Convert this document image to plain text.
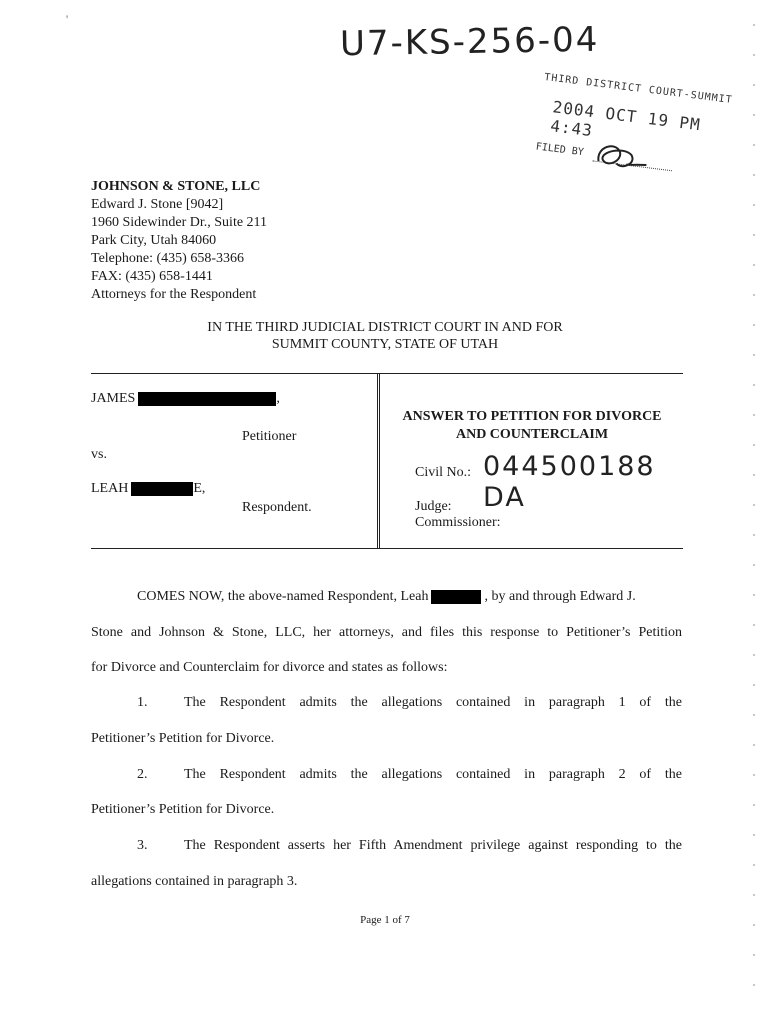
'
U7-KS-256-04
THIRD DISTRICT COURT-SUMMIT
2004 OCT 19 PM 4:43
FILED BY
JOHNSON & STONE, LLC
Edward J. Stone [9042]
1960 Sidewinder Dr., Suite 211
Park City, Utah 84060
Telephone: (435) 658-3366
FAX: (435) 658-1441
Attorneys for the Respondent
IN THE THIRD JUDICIAL DISTRICT COURT IN AND FOR
SUMMIT COUNTY, STATE OF UTAH
JAMES	,
Petitioner
vs.
LEAH	E,
Respondent.
ANSWER TO PETITION FOR DIVORCE
AND COUNTERCLAIM
Civil No.: 044500188 DA
Judge:
Commissioner:
COMES NOW, the above-named Respondent, Leah	, by and through Edward J.
Stone and Johnson & Stone, LLC, her attorneys, and files this response to Petitioner’s Petition
for Divorce and Counterclaim for divorce and states as follows:
1.	The Respondent admits the allegations contained in paragraph 1 of the
Petitioner’s Petition for Divorce.
2.	The Respondent admits the allegations contained in paragraph 2 of the
Petitioner’s Petition for Divorce.
3.	The Respondent asserts her Fifth Amendment privilege against responding to the
allegations contained in paragraph 3.
Page 1 of 7
